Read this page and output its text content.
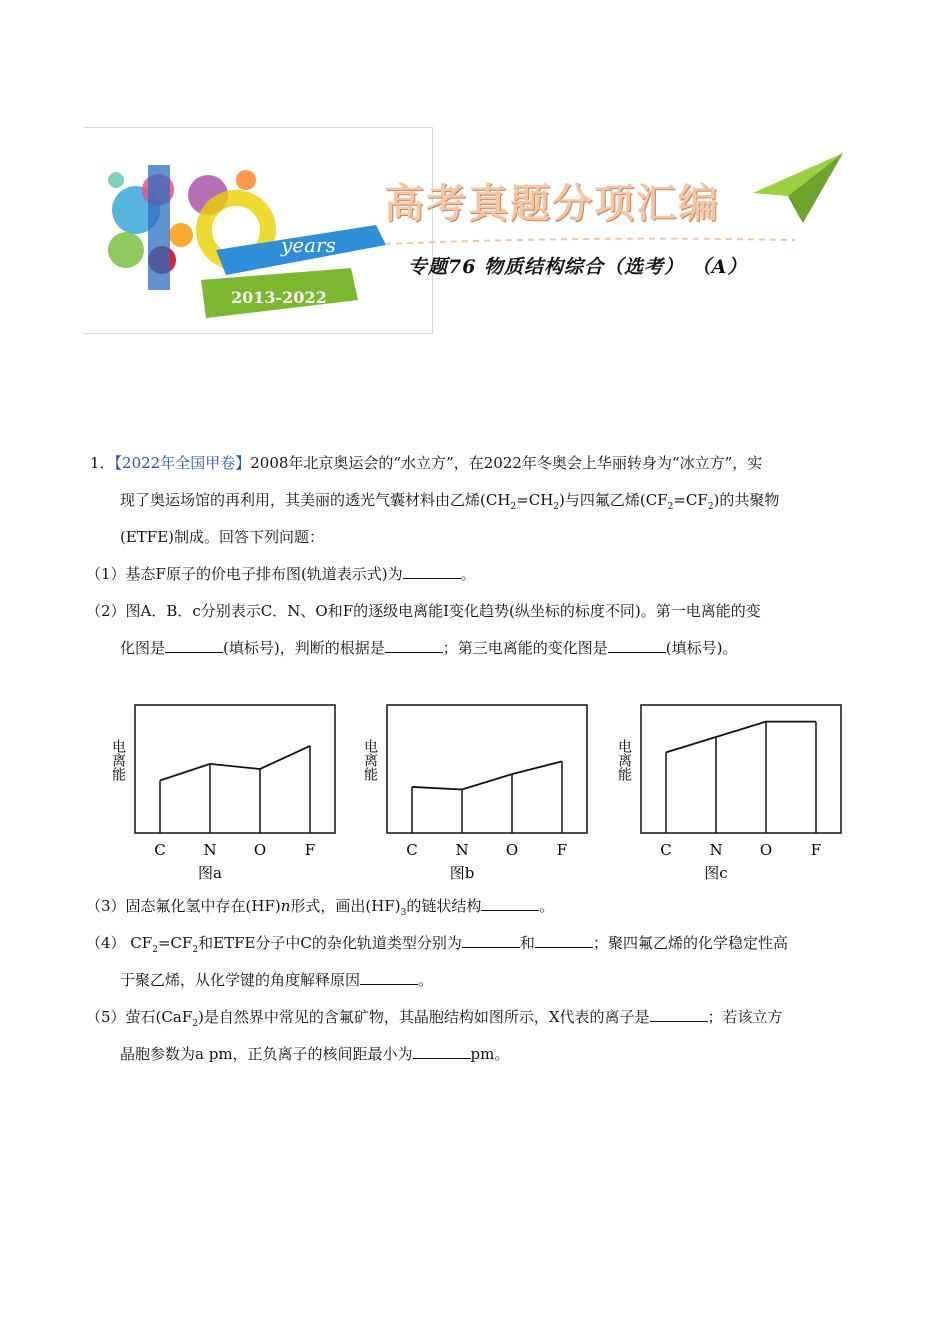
years
2013-2022
高考真题分项汇编
专题76 物质结构综合（选考） （A）
1．【2022年全国甲卷】2008年北京奥运会的“水立方”，在2022年冬奥会上华丽转身为“冰立方”，实
现了奥运场馆的再利用，其美丽的透光气囊材料由乙烯$(CH_2=CH_2)$与四氟乙烯$(CF_2=CF_2)$的共聚物
(ETFE)制成。回答下列问题：
（1）基态F原子的价电子排布图(轨道表示式)为	。
（2）图A．B．c分别表示C．N、O和F的逐级电离能Ⅰ变化趋势(纵坐标的标度不同)。第一电离能的变
化图是	(填标号)，判断的根据是	；第三电离能的变化图是	(填标号)。
电离能
C	N O	F
图a
电离能
C	N O	F
图b
电离能
C	N O	F
图c
（3）固态氟化氢中存在(HF)n形式，画出$(HF)_3$的链状结构	。
（4） $CF_2=CF_2$和ETFE分子中C的杂化轨道类型分别为	和	；聚四氟乙烯的化学稳定性高
于聚乙烯，从化学键的角度解释原因	。
（5）萤石(CaF$_2$)是自然界中常见的含氟矿物，其晶胞结构如图所示，X代表的离子是	；若该立方
晶胞参数为a pm，正负离子的核间距最小为	pm。
